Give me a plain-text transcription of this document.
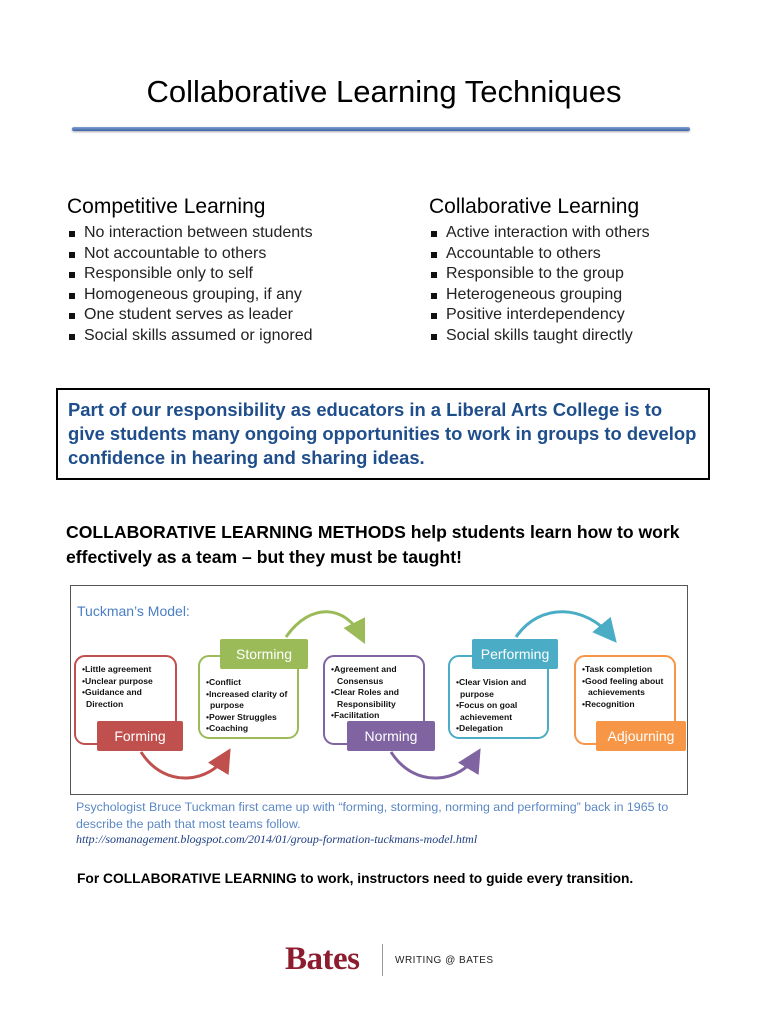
Collaborative Learning Techniques
Competitive Learning
No interaction between students
Not accountable to others
Responsible only to self
Homogeneous grouping, if any
One student serves as leader
Social skills assumed or ignored
Collaborative Learning
Active interaction with others
Accountable to others
Responsible to the group
Heterogeneous grouping
Positive interdependency
Social skills taught directly

Part of our responsibility as educators in a Liberal Arts College is to give students many ongoing opportunities to work in groups to develop confidence in hearing and sharing ideas.

COLLABORATIVE LEARNING METHODS help students learn how to work effectively as a team – but they must be taught!
Tuckman’s Model:
•Little agreement
•Unclear purpose
•Guidance and
Direction
Forming
•Conflict
•Increased clarity of
purpose
•Power Struggles
•Coaching
Storming
•Agreement and
Consensus
•Clear Roles and
Responsibility
•Facilitation
Norming
•Clear Vision and
purpose
•Focus on goal
achievement
•Delegation
Performing
•Task completion
•Good feeling about
achievements
•Recognition
Adjourning
Psychologist Bruce Tuckman first came up with “forming, storming, norming and performing” back in 1965 to describe the path that most teams follow.
http://somanagement.blogspot.com/2014/01/group-formation-tuckmans-model.html
For COLLABORATIVE LEARNING to work, instructors need to guide every transition.
Bates	WRITING @ BATES
